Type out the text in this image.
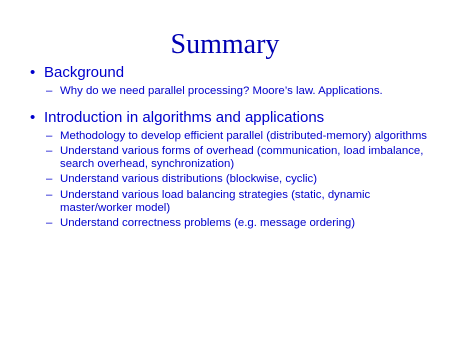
Summary
• Background
– Why do we need parallel processing? Moore’s law. Applications.
• Introduction in algorithms and applications
– Methodology to develop efficient parallel (distributed-memory) algorithms
– Understand various forms of overhead (communication, load imbalance, search overhead, synchronization)
– Understand various distributions (blockwise, cyclic)
– Understand various load balancing strategies (static, dynamic master/worker model)
– Understand correctness problems (e.g. message ordering)
